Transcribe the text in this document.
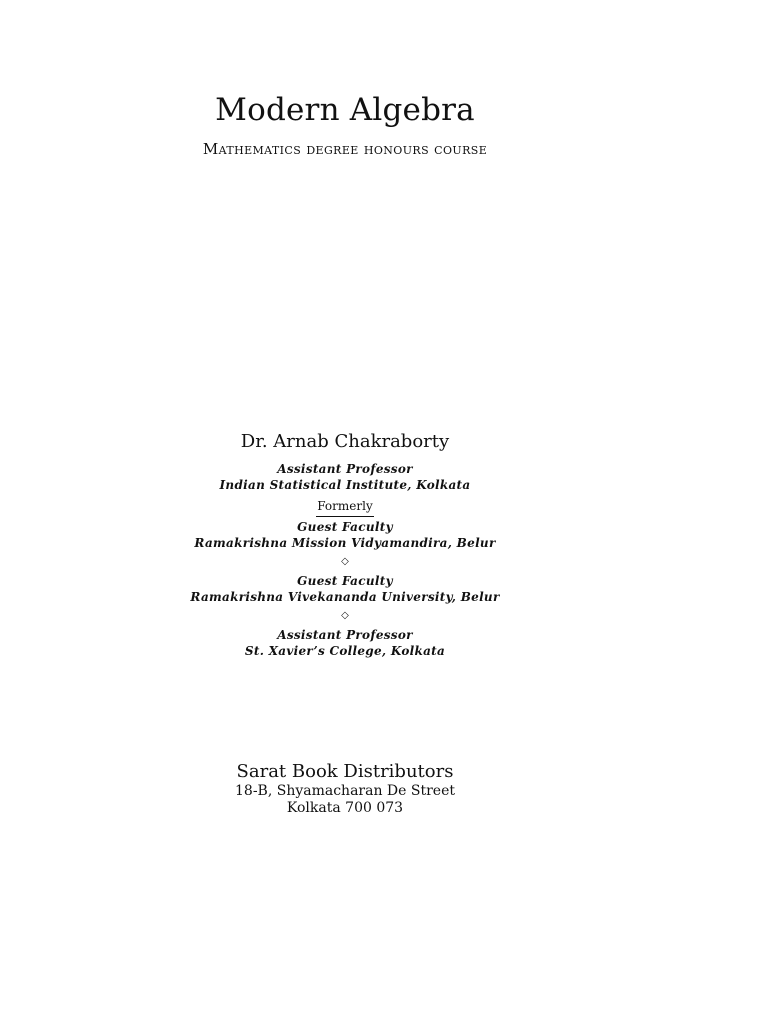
Modern Algebra
Mathematics degree honours course
Dr. Arnab Chakraborty
Assistant Professor
Indian Statistical Institute, Kolkata
Formerly
Guest Faculty
Ramakrishna Mission Vidyamandira, Belur
◇
Guest Faculty
Ramakrishna Vivekananda University, Belur
◇
Assistant Professor
St. Xavier’s College, Kolkata
Sarat Book Distributors
18-B, Shyamacharan De Street
Kolkata 700 073
